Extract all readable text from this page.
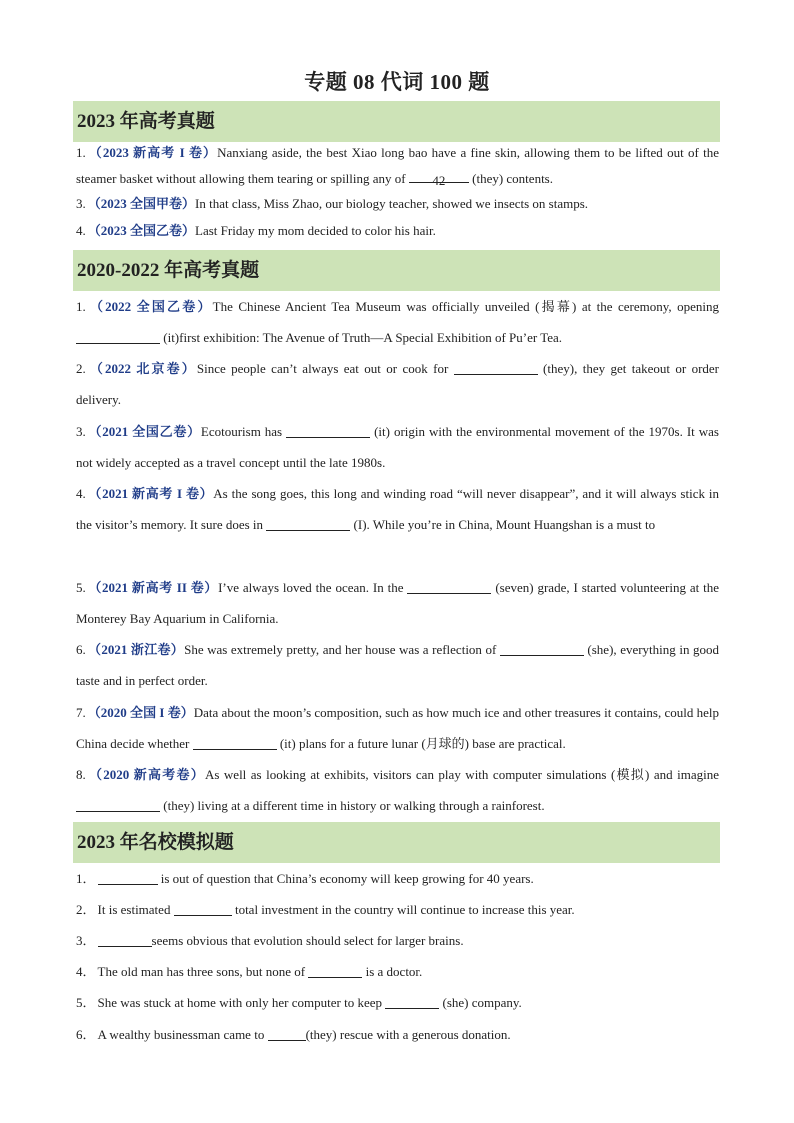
专题 08 代词 100 题
2023 年高考真题
1. （2023 新高考 I 卷）Nanxiang aside, the best Xiao long bao have a fine skin, allowing them to be lifted out of the steamer basket without allowing them tearing or spilling any of 42 (they) contents.
3. （2023 全国甲卷）In that class, Miss Zhao, our biology teacher, showed we insects on stamps.
4. （2023 全国乙卷）Last Friday my mom decided to color his hair.
2020-2022 年高考真题
1. （2022 全国乙卷）The Chinese Ancient Tea Museum was officially unveiled (揭幕) at the ceremony, opening  (it)first exhibition: The Avenue of Truth—A Special Exhibition of Pu’er Tea.
2. （2022 北京卷）Since people can’t always eat out or cook for	(they), they get takeout or order delivery.
3. （2021 全国乙卷）Ecotourism has	(it) origin with the environmental movement of the 1970s. It was not widely accepted as a travel concept until the late 1980s.
4. （2021 新高考 I 卷）As the song goes, this long and winding road “will never disappear”, and it will always stick in the visitor’s memory. It sure does in	(I). While you’re in China, Mount Huangshan is a must to
5. （2021 新高考 II 卷）I’ve always loved the ocean. In the	(seven) grade, I started volunteering at the Monterey Bay Aquarium in California.
6. （2021 浙江卷）She was extremely pretty, and her house was a reflection of	(she), everything in good taste and in perfect order.
7. （2020 全国 I 卷）Data about the moon’s composition, such as how much ice and other treasures it contains, could help China decide whether	(it) plans for a future lunar (月球的) base are practical.
8. （2020 新高考卷）As well as looking at exhibits, visitors can play with computer simulations (模拟) and imagine  (they) living at a different time in history or walking through a rainforest.
2023 年名校模拟题
1．	is out of question that China’s economy will keep growing for 40 years.
2． It is estimated	total investment in the country will continue to increase this year.
3．	seems obvious that evolution should select for larger brains.
4． The old man has three sons, but none of	is a doctor.
5． She was stuck at home with only her computer to keep	(she) company.
6． A wealthy businessman came to	(they) rescue with a generous donation.
